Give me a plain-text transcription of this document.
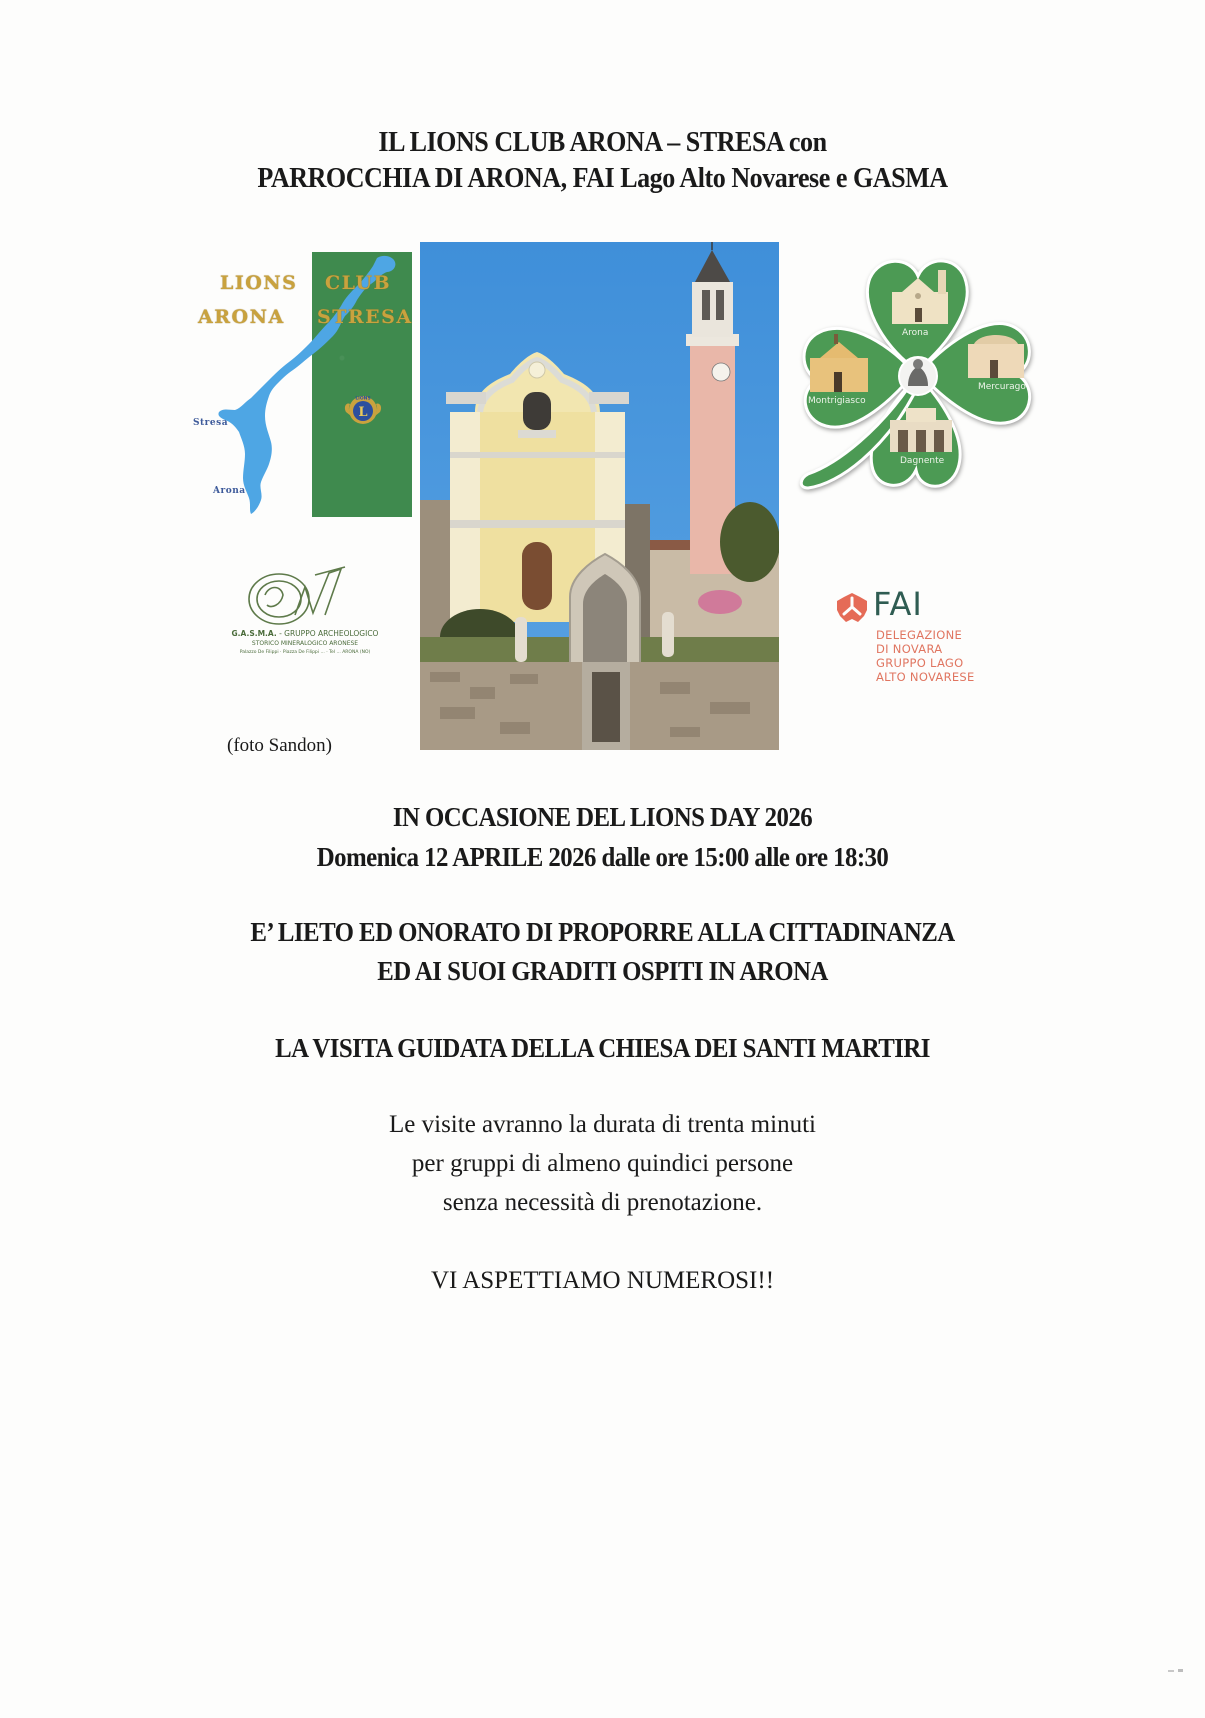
IL LIONS CLUB ARONA – STRESA con
PARROCCHIA DI ARONA, FAI Lago Alto Novarese e GASMA
LIONS CLUB
ARONA STRESA
Stresa
Arona
L
LIONS
(foto Sandon)
Arona
Mercurago
Montrigiasco
Dagnente
G.A.S.M.A. - GRUPPO ARCHEOLOGICO
STORICO MINERALOGICO ARONESE
Palazzo De Filippi · Piazza De Filippi ... · Tel ... ARONA (NO)
FAI
DELEGAZIONE
DI NOVARA
GRUPPO LAGO
ALTO NOVARESE
IN OCCASIONE DEL LIONS DAY 2026
Domenica 12 APRILE 2026 dalle ore 15:00 alle ore 18:30
E’ LIETO ED ONORATO DI PROPORRE ALLA CITTADINANZA
ED AI SUOI GRADITI OSPITI IN ARONA
LA VISITA GUIDATA DELLA CHIESA DEI SANTI MARTIRI
Le visite avranno la durata di trenta minuti
per gruppi di almeno quindici persone
senza necessità di prenotazione.
VI ASPETTIAMO NUMEROSI!!
